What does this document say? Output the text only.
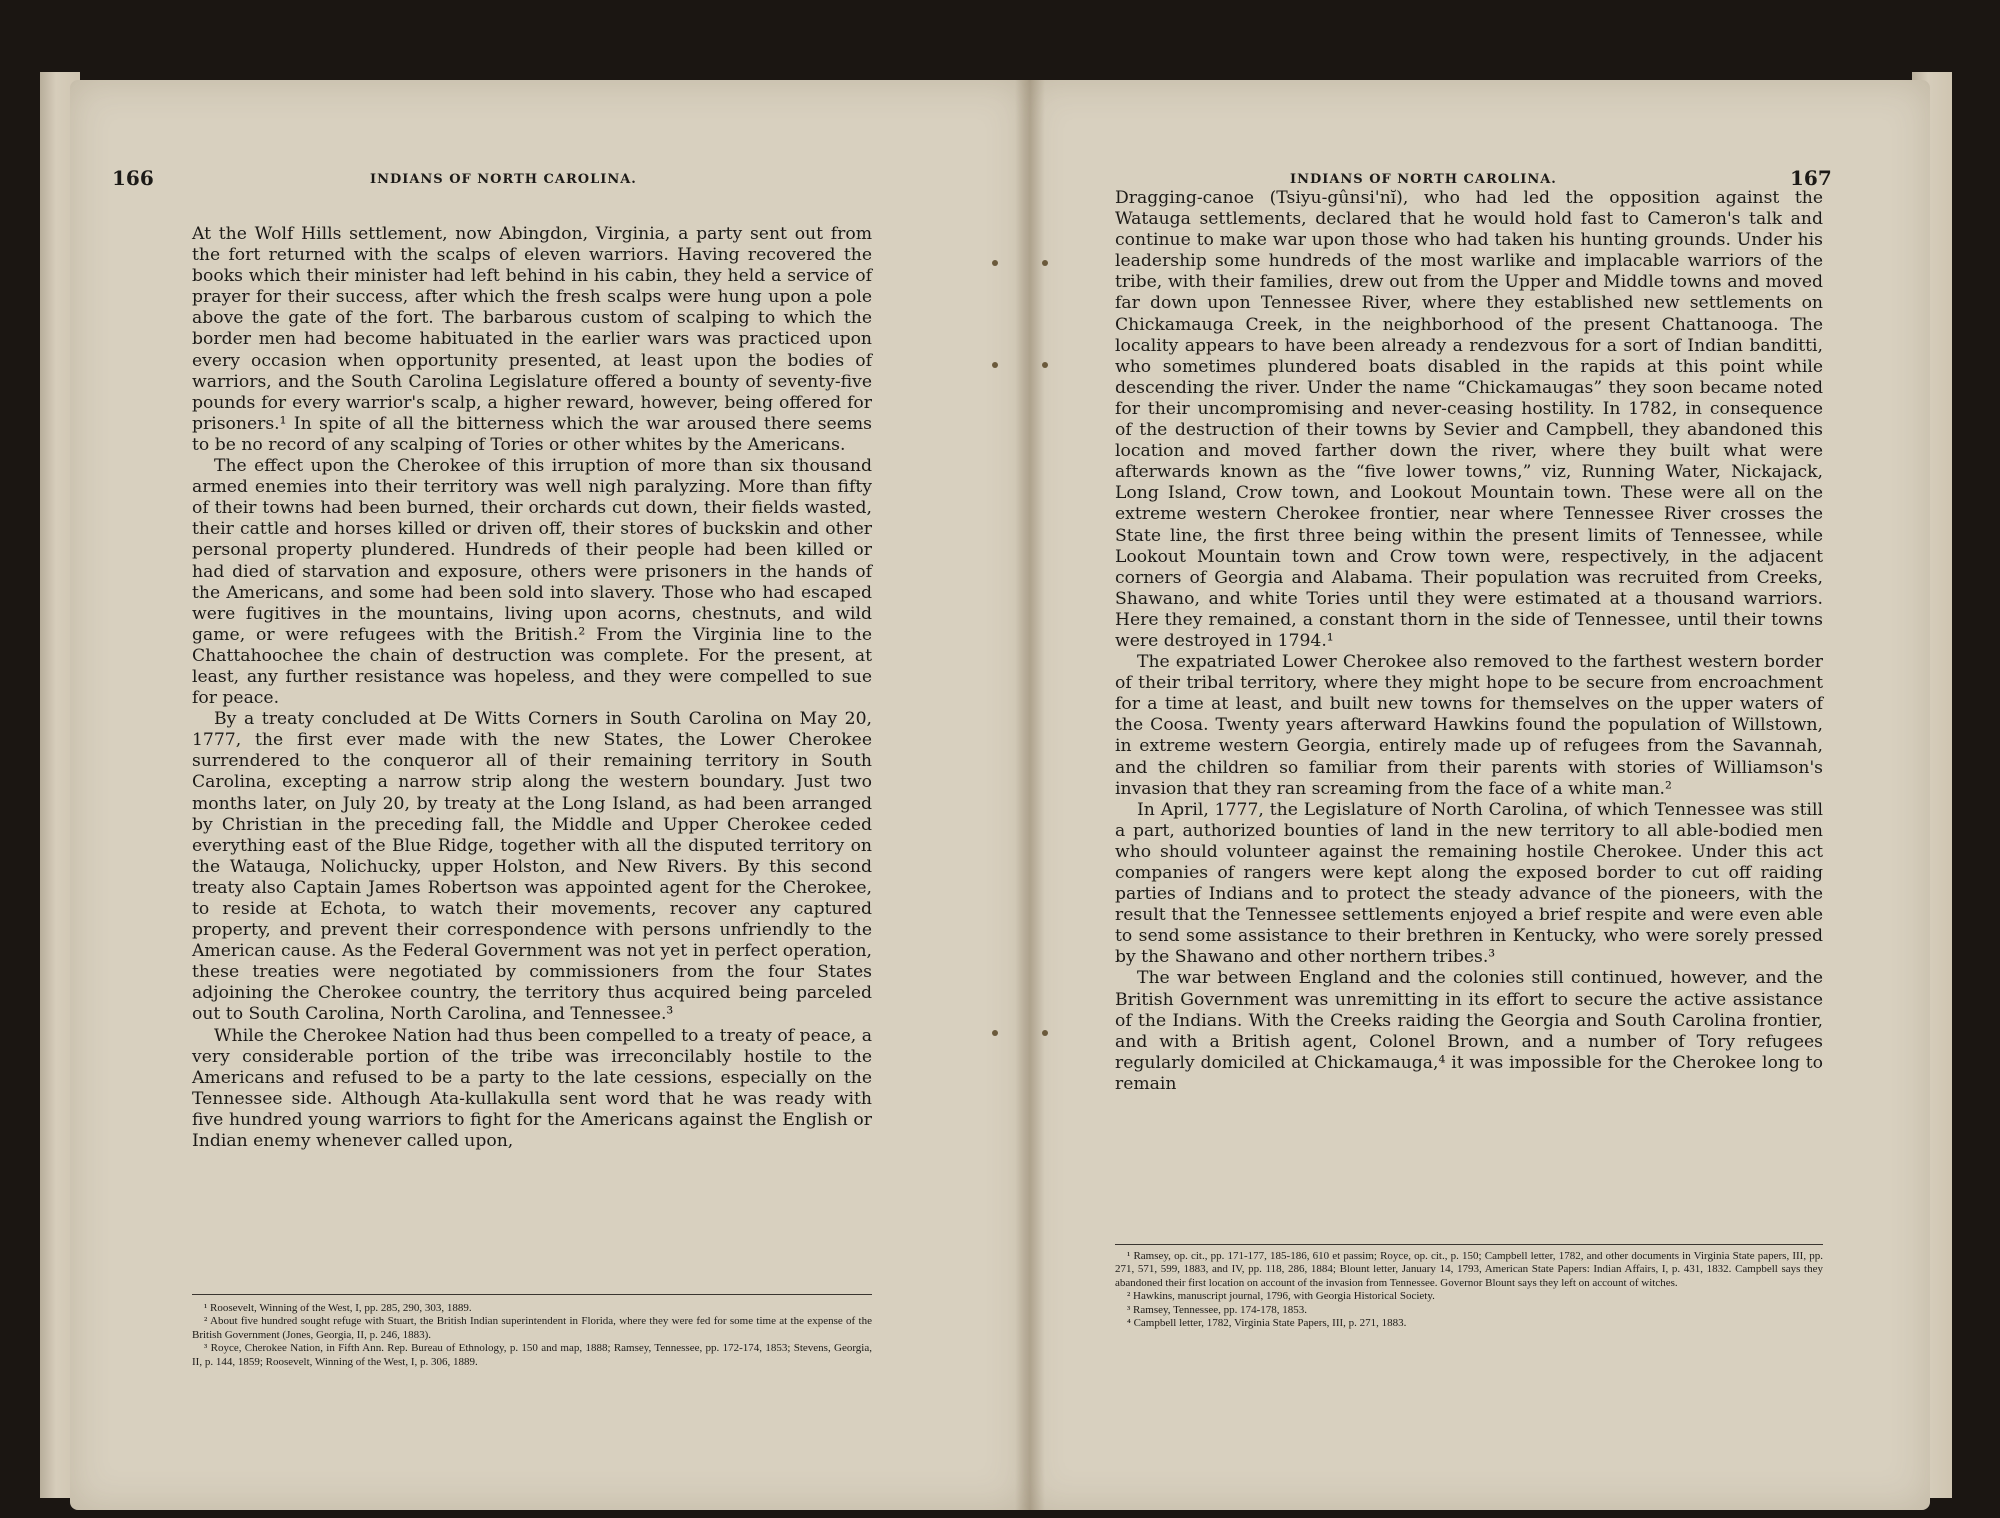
166	INDIANS OF NORTH CAROLINA.

At the Wolf Hills settlement, now Abingdon, Virginia, a party sent out from the fort returned with the scalps of eleven warriors. Having recovered the books which their minister had left behind in his cabin, they held a service of prayer for their success, after which the fresh scalps were hung upon a pole above the gate of the fort. The barbarous custom of scalping to which the border men had become habituated in the earlier wars was practiced upon every occasion when opportunity presented, at least upon the bodies of warriors, and the South Carolina Legislature offered a bounty of seventy-five pounds for every warrior's scalp, a higher reward, however, being offered for prisoners.¹ In spite of all the bitterness which the war aroused there seems to be no record of any scalping of Tories or other whites by the Americans.

The effect upon the Cherokee of this irruption of more than six thousand armed enemies into their territory was well nigh paralyzing. More than fifty of their towns had been burned, their orchards cut down, their fields wasted, their cattle and horses killed or driven off, their stores of buckskin and other personal property plundered. Hundreds of their people had been killed or had died of starvation and exposure, others were prisoners in the hands of the Americans, and some had been sold into slavery. Those who had escaped were fugitives in the mountains, living upon acorns, chestnuts, and wild game, or were refugees with the British.² From the Virginia line to the Chattahoochee the chain of destruction was complete. For the present, at least, any further resistance was hopeless, and they were compelled to sue for peace.

By a treaty concluded at De Witts Corners in South Carolina on May 20, 1777, the first ever made with the new States, the Lower Cherokee surrendered to the conqueror all of their remaining territory in South Carolina, excepting a narrow strip along the western boundary. Just two months later, on July 20, by treaty at the Long Island, as had been arranged by Christian in the preceding fall, the Middle and Upper Cherokee ceded everything east of the Blue Ridge, together with all the disputed territory on the Watauga, Nolichucky, upper Holston, and New Rivers. By this second treaty also Captain James Robertson was appointed agent for the Cherokee, to reside at Echota, to watch their movements, recover any captured property, and prevent their correspondence with persons unfriendly to the American cause. As the Federal Government was not yet in perfect operation, these treaties were negotiated by commissioners from the four States adjoining the Cherokee country, the territory thus acquired being parceled out to South Carolina, North Carolina, and Tennessee.³

While the Cherokee Nation had thus been compelled to a treaty of peace, a very considerable portion of the tribe was irreconcilably hostile to the Americans and refused to be a party to the late cessions, especially on the Tennessee side. Although Ata-kullakulla sent word that he was ready with five hundred young warriors to fight for the Americans against the English or Indian enemy whenever called upon,

¹ Roosevelt, Winning of the West, I, pp. 285, 290, 303, 1889.

² About five hundred sought refuge with Stuart, the British Indian superintendent in Florida, where they were fed for some time at the expense of the British Government (Jones, Georgia, II, p. 246, 1883).

³ Royce, Cherokee Nation, in Fifth Ann. Rep. Bureau of Ethnology, p. 150 and map, 1888; Ramsey, Tennessee, pp. 172-174, 1853; Stevens, Georgia, II, p. 144, 1859; Roosevelt, Winning of the West, I, p. 306, 1889.

INDIANS OF NORTH CAROLINA.	167

Dragging-canoe (Tsiyu-gûnsi'nĭ), who had led the opposition against the Watauga settlements, declared that he would hold fast to Cameron's talk and continue to make war upon those who had taken his hunting grounds. Under his leadership some hundreds of the most warlike and implacable warriors of the tribe, with their families, drew out from the Upper and Middle towns and moved far down upon Tennessee River, where they established new settlements on Chickamauga Creek, in the neighborhood of the present Chattanooga. The locality appears to have been already a rendezvous for a sort of Indian banditti, who sometimes plundered boats disabled in the rapids at this point while descending the river. Under the name “Chickamaugas” they soon became noted for their uncompromising and never-ceasing hostility. In 1782, in consequence of the destruction of their towns by Sevier and Campbell, they abandoned this location and moved farther down the river, where they built what were afterwards known as the “five lower towns,” viz, Running Water, Nickajack, Long Island, Crow town, and Lookout Mountain town. These were all on the extreme western Cherokee frontier, near where Tennessee River crosses the State line, the first three being within the present limits of Tennessee, while Lookout Mountain town and Crow town were, respectively, in the adjacent corners of Georgia and Alabama. Their population was recruited from Creeks, Shawano, and white Tories until they were estimated at a thousand warriors. Here they remained, a constant thorn in the side of Tennessee, until their towns were destroyed in 1794.¹

The expatriated Lower Cherokee also removed to the farthest western border of their tribal territory, where they might hope to be secure from encroachment for a time at least, and built new towns for themselves on the upper waters of the Coosa. Twenty years afterward Hawkins found the population of Willstown, in extreme western Georgia, entirely made up of refugees from the Savannah, and the children so familiar from their parents with stories of Williamson's invasion that they ran screaming from the face of a white man.²

In April, 1777, the Legislature of North Carolina, of which Tennessee was still a part, authorized bounties of land in the new territory to all able-bodied men who should volunteer against the remaining hostile Cherokee. Under this act companies of rangers were kept along the exposed border to cut off raiding parties of Indians and to protect the steady advance of the pioneers, with the result that the Tennessee settlements enjoyed a brief respite and were even able to send some assistance to their brethren in Kentucky, who were sorely pressed by the Shawano and other northern tribes.³

The war between England and the colonies still continued, however, and the British Government was unremitting in its effort to secure the active assistance of the Indians. With the Creeks raiding the Georgia and South Carolina frontier, and with a British agent, Colonel Brown, and a number of Tory refugees regularly domiciled at Chickamauga,⁴ it was impossible for the Cherokee long to remain

¹ Ramsey, op. cit., pp. 171-177, 185-186, 610 et passim; Royce, op. cit., p. 150; Campbell letter, 1782, and other documents in Virginia State papers, III, pp. 271, 571, 599, 1883, and IV, pp. 118, 286, 1884; Blount letter, January 14, 1793, American State Papers: Indian Affairs, I, p. 431, 1832. Campbell says they abandoned their first location on account of the invasion from Tennessee. Governor Blount says they left on account of witches.

² Hawkins, manuscript journal, 1796, with Georgia Historical Society.

³ Ramsey, Tennessee, pp. 174-178, 1853.

⁴ Campbell letter, 1782, Virginia State Papers, III, p. 271, 1883.
